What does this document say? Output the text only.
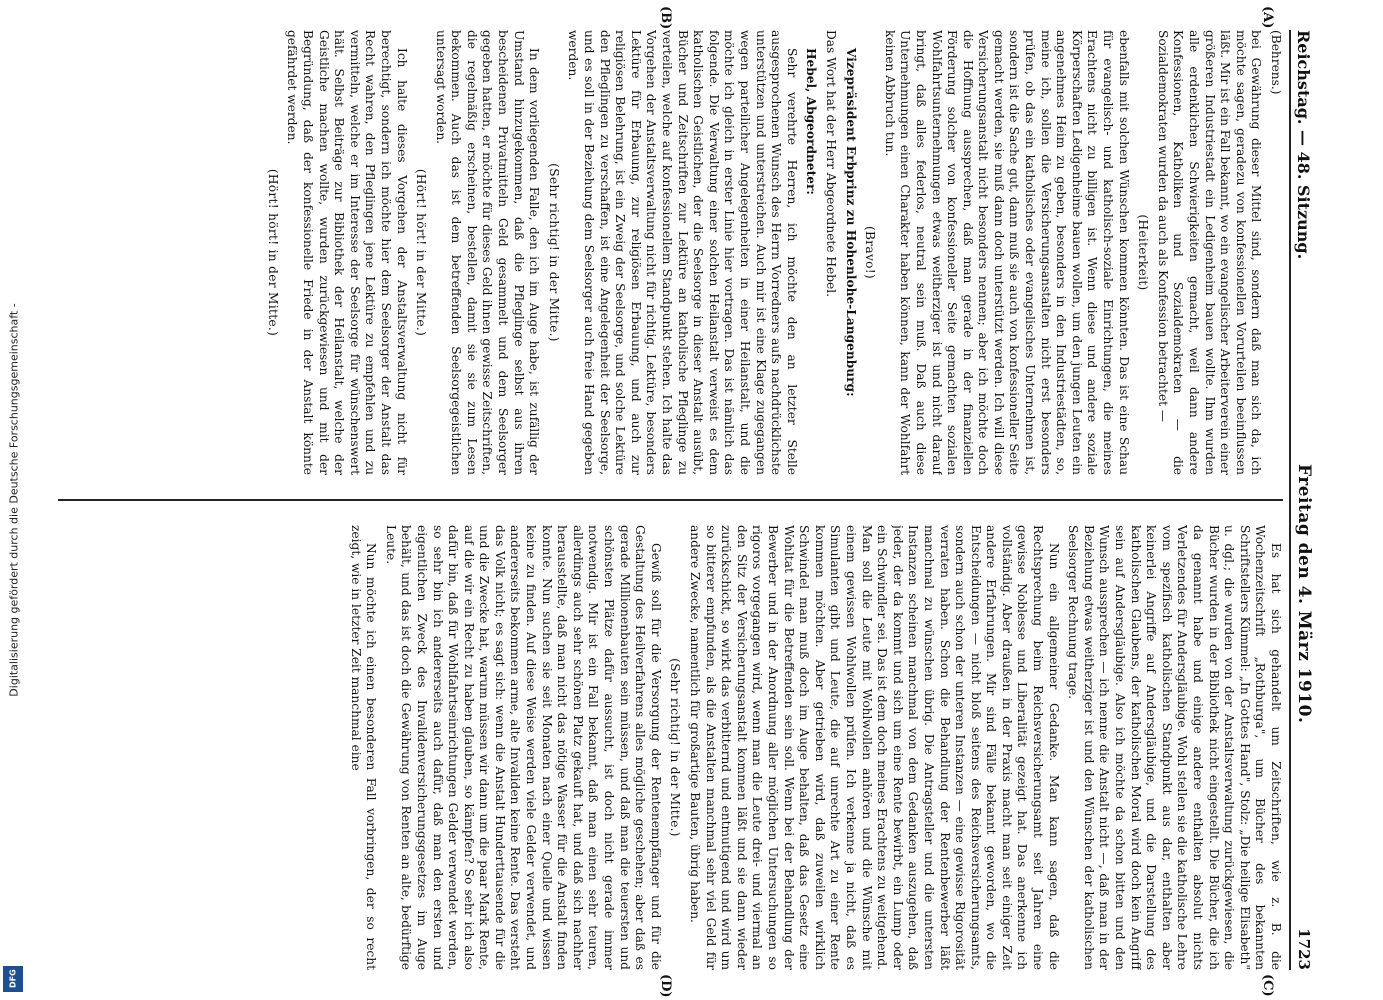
Digitalisierung gefördert durch die Deutsche Forschungsgemeinschaft -
DFG
Reichstag. — 48. Sitzung.
Freitag den 4. März 1910.
1723
(A)
(B)
(C)
(D)

(Behrens.)

bei Gewährung dieser Mittel sind, sondern daß man sich da, ich möchte sagen, geradezu von konfessionellen Vorurteilen beeinflussen läßt. Mir ist ein Fall bekannt, wo ein evangelischer Arbeiterverein einer größeren Industriestadt ein Ledigenheim bauen wollte. Ihm wurden alle erdenklichen Schwierigkeiten gemacht, weil dann andere Konfessionen, Katholiken und Sozialdemokraten — die Sozialdemokraten wurden da auch als Konfession betrachtet —

(Heiterkeit)

ebenfalls mit solchen Wünschen kommen könnten. Das ist eine Schau für evangelisch- und katholisch-soziale Einrichtungen, die meines Erachtens nicht zu billigen ist. Wenn diese und andere soziale Körperschaften Ledigenheime bauen wollen, um den jungen Leuten ein angenehmes Heim zu geben, besonders in den Industriestädten, so, meine ich, sollen die Versicherungsanstalten nicht erst besonders prüfen, ob das ein katholisches oder evangelisches Unternehmen ist, sondern ist die Sache gut, dann muß sie auch von konfessioneller Seite gemacht werden, sie muß dann doch unterstützt werden. Ich will diese Versicherungsanstalt nicht besonders nennen; aber ich möchte doch die Hoffnung aussprechen, daß man gerade in der finanziellen Förderung solcher von konfessioneller Seite gemachten sozialen Wohlfahrtsunternehmungen etwas weitherziger ist und nicht darauf bringt, daß alles federlos, neutral sein muß. Daß auch diese Unternehmungen einen Charakter haben können, kann der Wohlfahrt keinen Abbruch tun.

(Bravo!)

Vizepräsident Erbprinz zu Hohenlohe-Langenburg:

Das Wort hat der Herr Abgeordnete Hebel.

Hebel, Abgeordneter:

Sehr verehrte Herren, ich möchte den an letzter Stelle ausgesprochenen Wunsch des Herrn Vorredners aufs nachdrücklichste unterstützen und unterstreichen. Auch mir ist eine Klage zugegangen wegen parteilicher Angelegenheiten in einer Heilanstalt, und die möchte ich gleich in erster Linie hier vortragen. Das ist nämlich das folgende. Die Verwaltung einer solchen Heilanstalt verweist es dem katholischen Geistlichen, der die Seelsorge in dieser Anstalt ausübt, Bücher und Zeitschriften zur Lektüre an katholische Pfleglinge zu verteilen, welche auf konfessionellem Standpunkt stehen. Ich halte das Vorgehen der Anstaltsverwaltung nicht für richtig. Lektüre, besonders Lektüre für Erbauung, zur religiösen Erbauung, und auch zur religiösen Belehrung, ist ein Zweig der Seelsorge, und solche Lektüre den Pfleglingen zu verschaffen, ist eine Angelegenheit der Seelsorge, und es soll in der Beziehung dem Seelsorger auch freie Hand gegeben werden.

(Sehr richtig! in der Mitte.)

In dem vorliegenden Falle, den ich im Auge habe, ist zufällig der Umstand hinzugekommen, daß die Pfleglinge selbst aus ihren bescheidenen Privatmitteln Geld gesammelt und dem Seelsorger gegeben hatten, er möchte für dieses Geld ihnen gewisse Zeitschriften, die regelmäßig erscheinen, bestellen, damit sie sie zum Lesen bekommen. Auch das ist dem betreffenden Seelsorgegeistlichen untersagt worden.

(Hört! hört! in der Mitte.)

Ich halte dieses Vorgehen der Anstaltsverwaltung nicht für berechtigt, sondern ich möchte hier dem Seelsorger der Anstalt das Recht wahren, den Pfleglingen jene Lektüre zu empfehlen und zu vermitteln, welche er im Interesse der Seelsorge für wünschenswert hält. Selbst Beiträge zur Bibliothek der Heilanstalt, welche der Geistliche machen wollte, wurden zurückgewiesen und mit der Begründung, daß der konfessionelle Friede in der Anstalt könnte gefährdet werden.

(Hört! hört! in der Mitte.)

Es hat sich gehandelt um Zeitschriften, wie z. B. die Wochenzeitschrift „Rothburga", um Bücher des bekannten Schriftstellers Kümmel: „In Gottes Hand", Stolz: „Die heilige Elisabeth" u. dgl.; die wurden von der Anstaltsverwaltung zurückgewiesen, die Bücher wurden in der Bibliothek nicht eingestellt. Die Bücher, die ich da genannt habe und einige andere enthalten absolut nichts Verletzendes für Andersgläubige. Wohl stellen sie die katholische Lehre vom spezifisch katholischen Standpunkt aus dar, enthalten aber keinerlei Angriffe auf Andersgläubige, und die Darstellung des katholischen Glaubens, der katholischen Moral wird doch kein Angriff sein auf Andersgläubige. Also ich möchte da schon bitten und den Wunsch aussprechen — ich nenne die Anstalt nicht —, daß man in der Beziehung etwas weitherziger ist und den Wünschen der katholischen Seelsorger Rechnung trage.

Nun ein allgemeiner Gedanke. Man kann sagen, daß die Rechtsprechung beim Reichsversicherungsamt seit Jahren eine gewisse Noblesse und Liberalität gezeigt hat. Das anerkenne ich vollständig. Aber draußen in der Praxis macht man seit einiger Zeit andere Erfahrungen. Mir sind Fälle bekannt geworden, wo die Entscheidungen — nicht bloß seitens des Reichsversicherungsamts, sondern auch schon der unteren Instanzen — eine gewisse Rigorosität verraten haben. Schon die Behandlung der Rentenbewerber läßt manchmal zu wünschen übrig. Die Antragsteller und die untersten Instanzen scheinen manchmal von dem Gedanken auszugehen, daß jeder, der da kommt und sich um eine Rente bewirbt, ein Lump oder ein Schwindler sei. Das ist dem doch meines Erachtens zu weitgehend. Man soll die Leute mit Wohlwollen anhören und die Wünsche mit einem gewissen Wohlwollen prüfen. Ich verkenne ja nicht, daß es Simulanten gibt und Leute, die auf unrechte Art zu einer Rente kommen möchten. Aber getrieben wird, daß zuweilen wirklich Schwindel man muß doch im Auge behalten, daß das Gesetz eine Wohltat für die Betreffenden sein soll. Wenn bei der Behandlung der Bewerber und in der Anordnung aller möglichen Untersuchungen so rigoros vorgegangen wird, wenn man die Leute drei- und viermal an den Sitz der Versicherungsanstalt kommen läßt und sie dann wieder zurückschickt, so wirkt das verbitternd und entmutigend und wird um so bitterer empfunden, als die Anstalten manchmal sehr viel Geld für andere Zwecke, namentlich für großartige Bauten, übrig haben.

(Sehr richtig! in der Mitte.)

Gewiß soll für die Versorgung der Rentenempfänger und für die Gestaltung des Heilverfahrens alles mögliche geschehen; aber daß es gerade Millionenbauten sein müssen, und daß man die teuersten und schönsten Plätze dafür aussucht, ist doch nicht gerade immer notwendig. Mir ist ein Fall bekannt, daß man einen sehr teuren, allerdings auch sehr schönen Platz gekauft hat, und daß sich nachher herausstellte, daß man nicht das nötige Wasser für die Anstalt finden konnte. Nun suchen sie seit Monaten nach einer Quelle und wissen keine zu finden. Auf diese Weise werden viele Gelder verwendet, und andererseits bekommen arme, alte Invaliden keine Rente. Das versteht das Volk nicht; es sagt sich: wenn die Anstalt Hunderttausende für die und die Zwecke hat, warum müssen wir dann um die paar Mark Rente, auf die wir ein Recht zu haben glauben, so kämpfen? So sehr ich also dafür bin, daß für Wohlfahrtseinrichtungen Gelder verwendet werden, so sehr bin ich andererseits auch dafür, daß man den ersten und eigentlichen Zweck des Invalidenversicherungsgesetzes im Auge behält, und das ist doch die Gewährung von Renten an alte, bedürftige Leute.

Nun möchte ich einen besonderen Fall vorbringen, der so recht zeigt, wie in letzter Zeit manchmal eine
